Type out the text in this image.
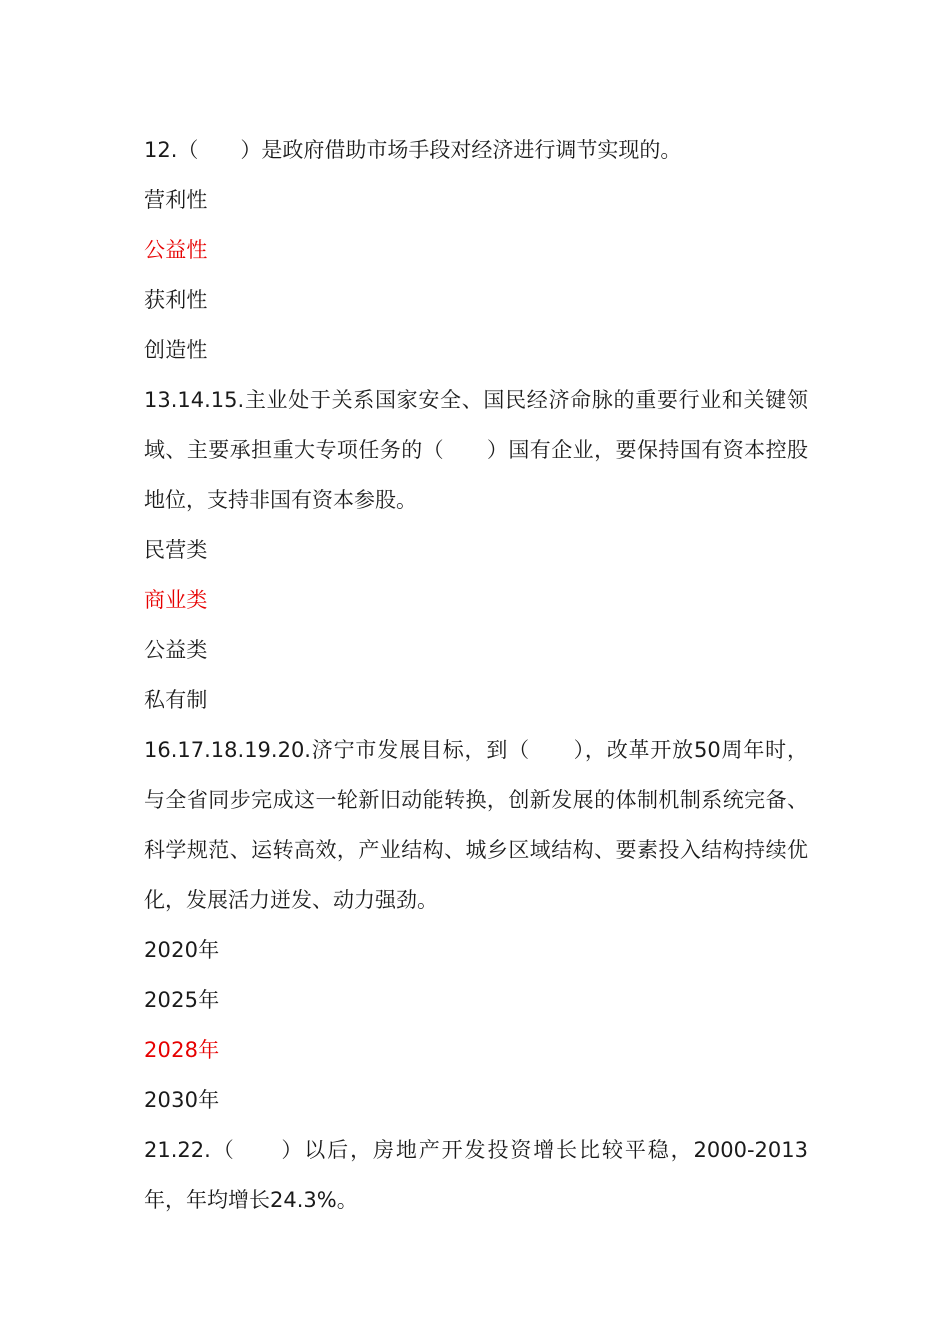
12.（　　）是政府借助市场手段对经济进行调节实现的。
营利性
公益性
获利性
创造性
13.14.15.主业处于关系国家安全、国民经济命脉的重要行业和关键领域、主要承担重大专项任务的（　　）国有企业，要保持国有资本控股地位，支持非国有资本参股。
民营类
商业类
公益类
私有制
16.17.18.19.20.济宁市发展目标，到（　　），改革开放50周年时，与全省同步完成这一轮新旧动能转换，创新发展的体制机制系统完备、科学规范、运转高效，产业结构、城乡区域结构、要素投入结构持续优化，发展活力迸发、动力强劲。
2020年
2025年
2028年
2030年
21.22.（　　）以后，房地产开发投资增长比较平稳，2000-2013年，年均增长24.3%。
